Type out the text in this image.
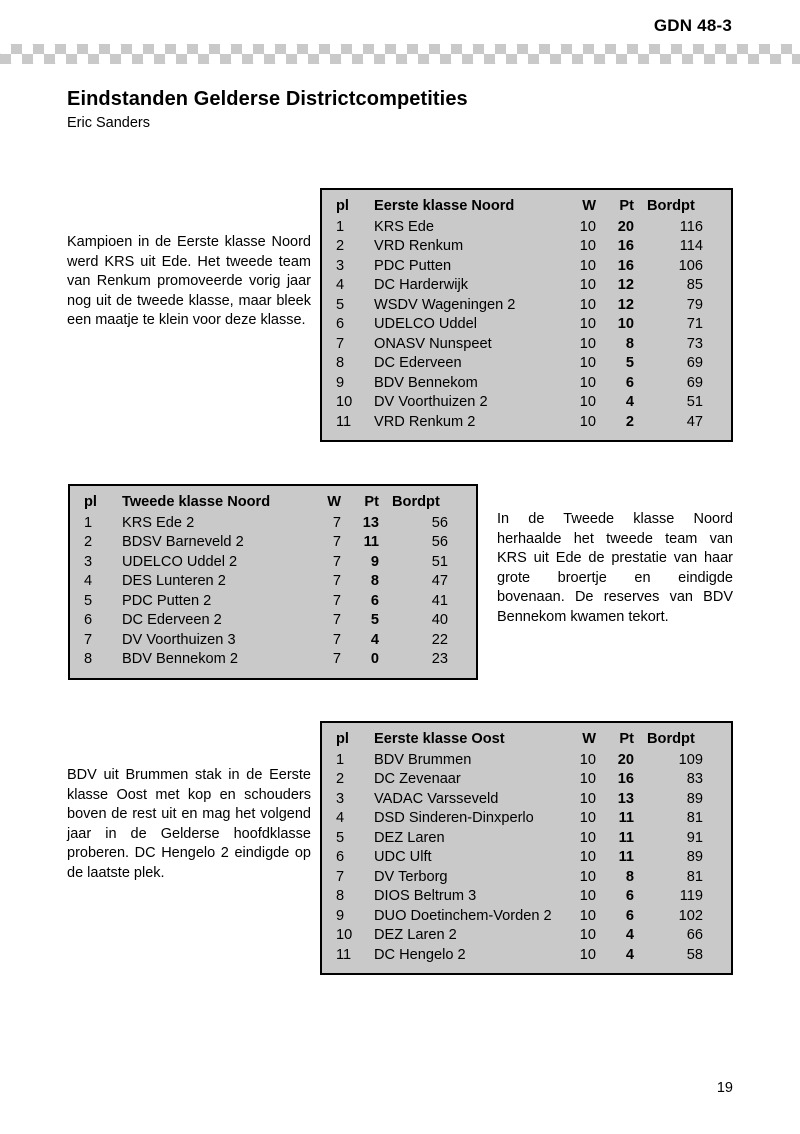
GDN 48-3
Eindstanden Gelderse Districtcompetities
Eric Sanders

Kampioen in de Eerste klasse Noord werd KRS uit Ede. Het tweede team van Renkum promoveerde vorig jaar nog uit de tweede klasse, maar bleek een maatje te klein voor deze klasse.

In de Tweede klasse Noord herhaalde het tweede team van KRS uit Ede de prestatie van haar grote broertje en eindigde bovenaan. De reserves van BDV Bennekom kwamen tekort.

BDV uit Brummen stak in de Eerste klasse Oost met kop en schouders boven de rest uit en mag het volgend jaar in de Gelderse hoofdklasse proberen. DC Hengelo 2 eindigde op de laatste plek.

pl	Eerste klasse Noord	W	Pt	Bordpt
1	KRS Ede	10	20	116
2	VRD Renkum	10	16	114
3	PDC Putten	10	16	106
4	DC Harderwijk	10	12	85
5	WSDV Wageningen 2	10	12	79
6	UDELCO Uddel	10	10	71
7	ONASV Nunspeet	10	8	73
8	DC Ederveen	10	5	69
9	BDV Bennekom	10	6	69
10	DV Voorthuizen 2	10	4	51
11	VRD Renkum 2	10	2	47
pl	Tweede klasse Noord	W	Pt	Bordpt
1	KRS Ede 2	7	13	56
2	BDSV Barneveld 2	7	11	56
3	UDELCO Uddel 2	7	9	51
4	DES Lunteren 2	7	8	47
5	PDC Putten 2	7	6	41
6	DC Ederveen 2	7	5	40
7	DV Voorthuizen 3	7	4	22
8	BDV Bennekom 2	7	0	23
pl	Eerste klasse Oost	W	Pt	Bordpt
1	BDV Brummen	10	20	109
2	DC Zevenaar	10	16	83
3	VADAC Varsseveld	10	13	89
4	DSD Sinderen-Dinxperlo	10	11	81
5	DEZ Laren	10	11	91
6	UDC Ulft	10	11	89
7	DV Terborg	10	8	81
8	DIOS Beltrum 3	10	6	119
9	DUO Doetinchem-Vorden 2	10	6	102
10	DEZ Laren 2	10	4	66
11	DC Hengelo 2	10	4	58
19
